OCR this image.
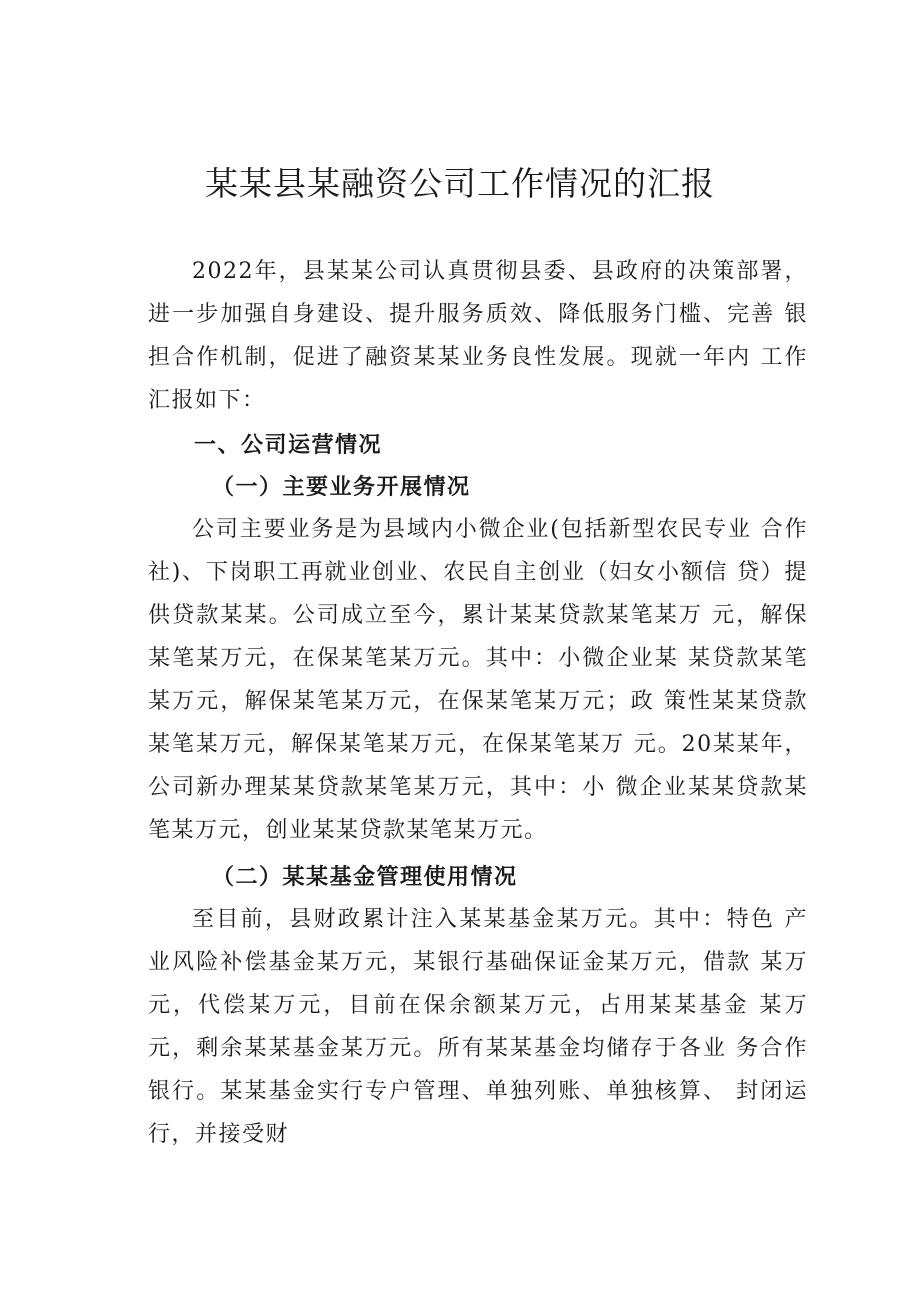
某某县某融资公司工作情况的汇报

2022年，县某某公司认真贯彻县委、县政府的决策部署，进一步加强自身建设、提升服务质效、降低服务门槛、完善 银担合作机制，促进了融资某某业务良性发展。现就一年内 工作汇报如下：

一、公司运营情况

（一）主要业务开展情况

公司主要业务是为县域内小微企业(包括新型农民专业 合作社)、下岗职工再就业创业、农民自主创业（妇女小额信 贷）提供贷款某某。公司成立至今，累计某某贷款某笔某万 元，解保某笔某万元，在保某笔某万元。其中：小微企业某 某贷款某笔某万元，解保某笔某万元，在保某笔某万元；政 策性某某贷款某笔某万元，解保某笔某万元，在保某笔某万 元。20某某年，公司新办理某某贷款某笔某万元，其中：小 微企业某某贷款某笔某万元，创业某某贷款某笔某万元。

（二）某某基金管理使用情况

至目前，县财政累计注入某某基金某万元。其中：特色 产业风险补偿基金某万元，某银行基础保证金某万元，借款 某万元，代偿某万元，目前在保余额某万元，占用某某基金 某万元，剩余某某基金某万元。所有某某基金均储存于各业 务合作银行。某某基金实行专户管理、单独列账、单独核算、 封闭运行，并接受财
